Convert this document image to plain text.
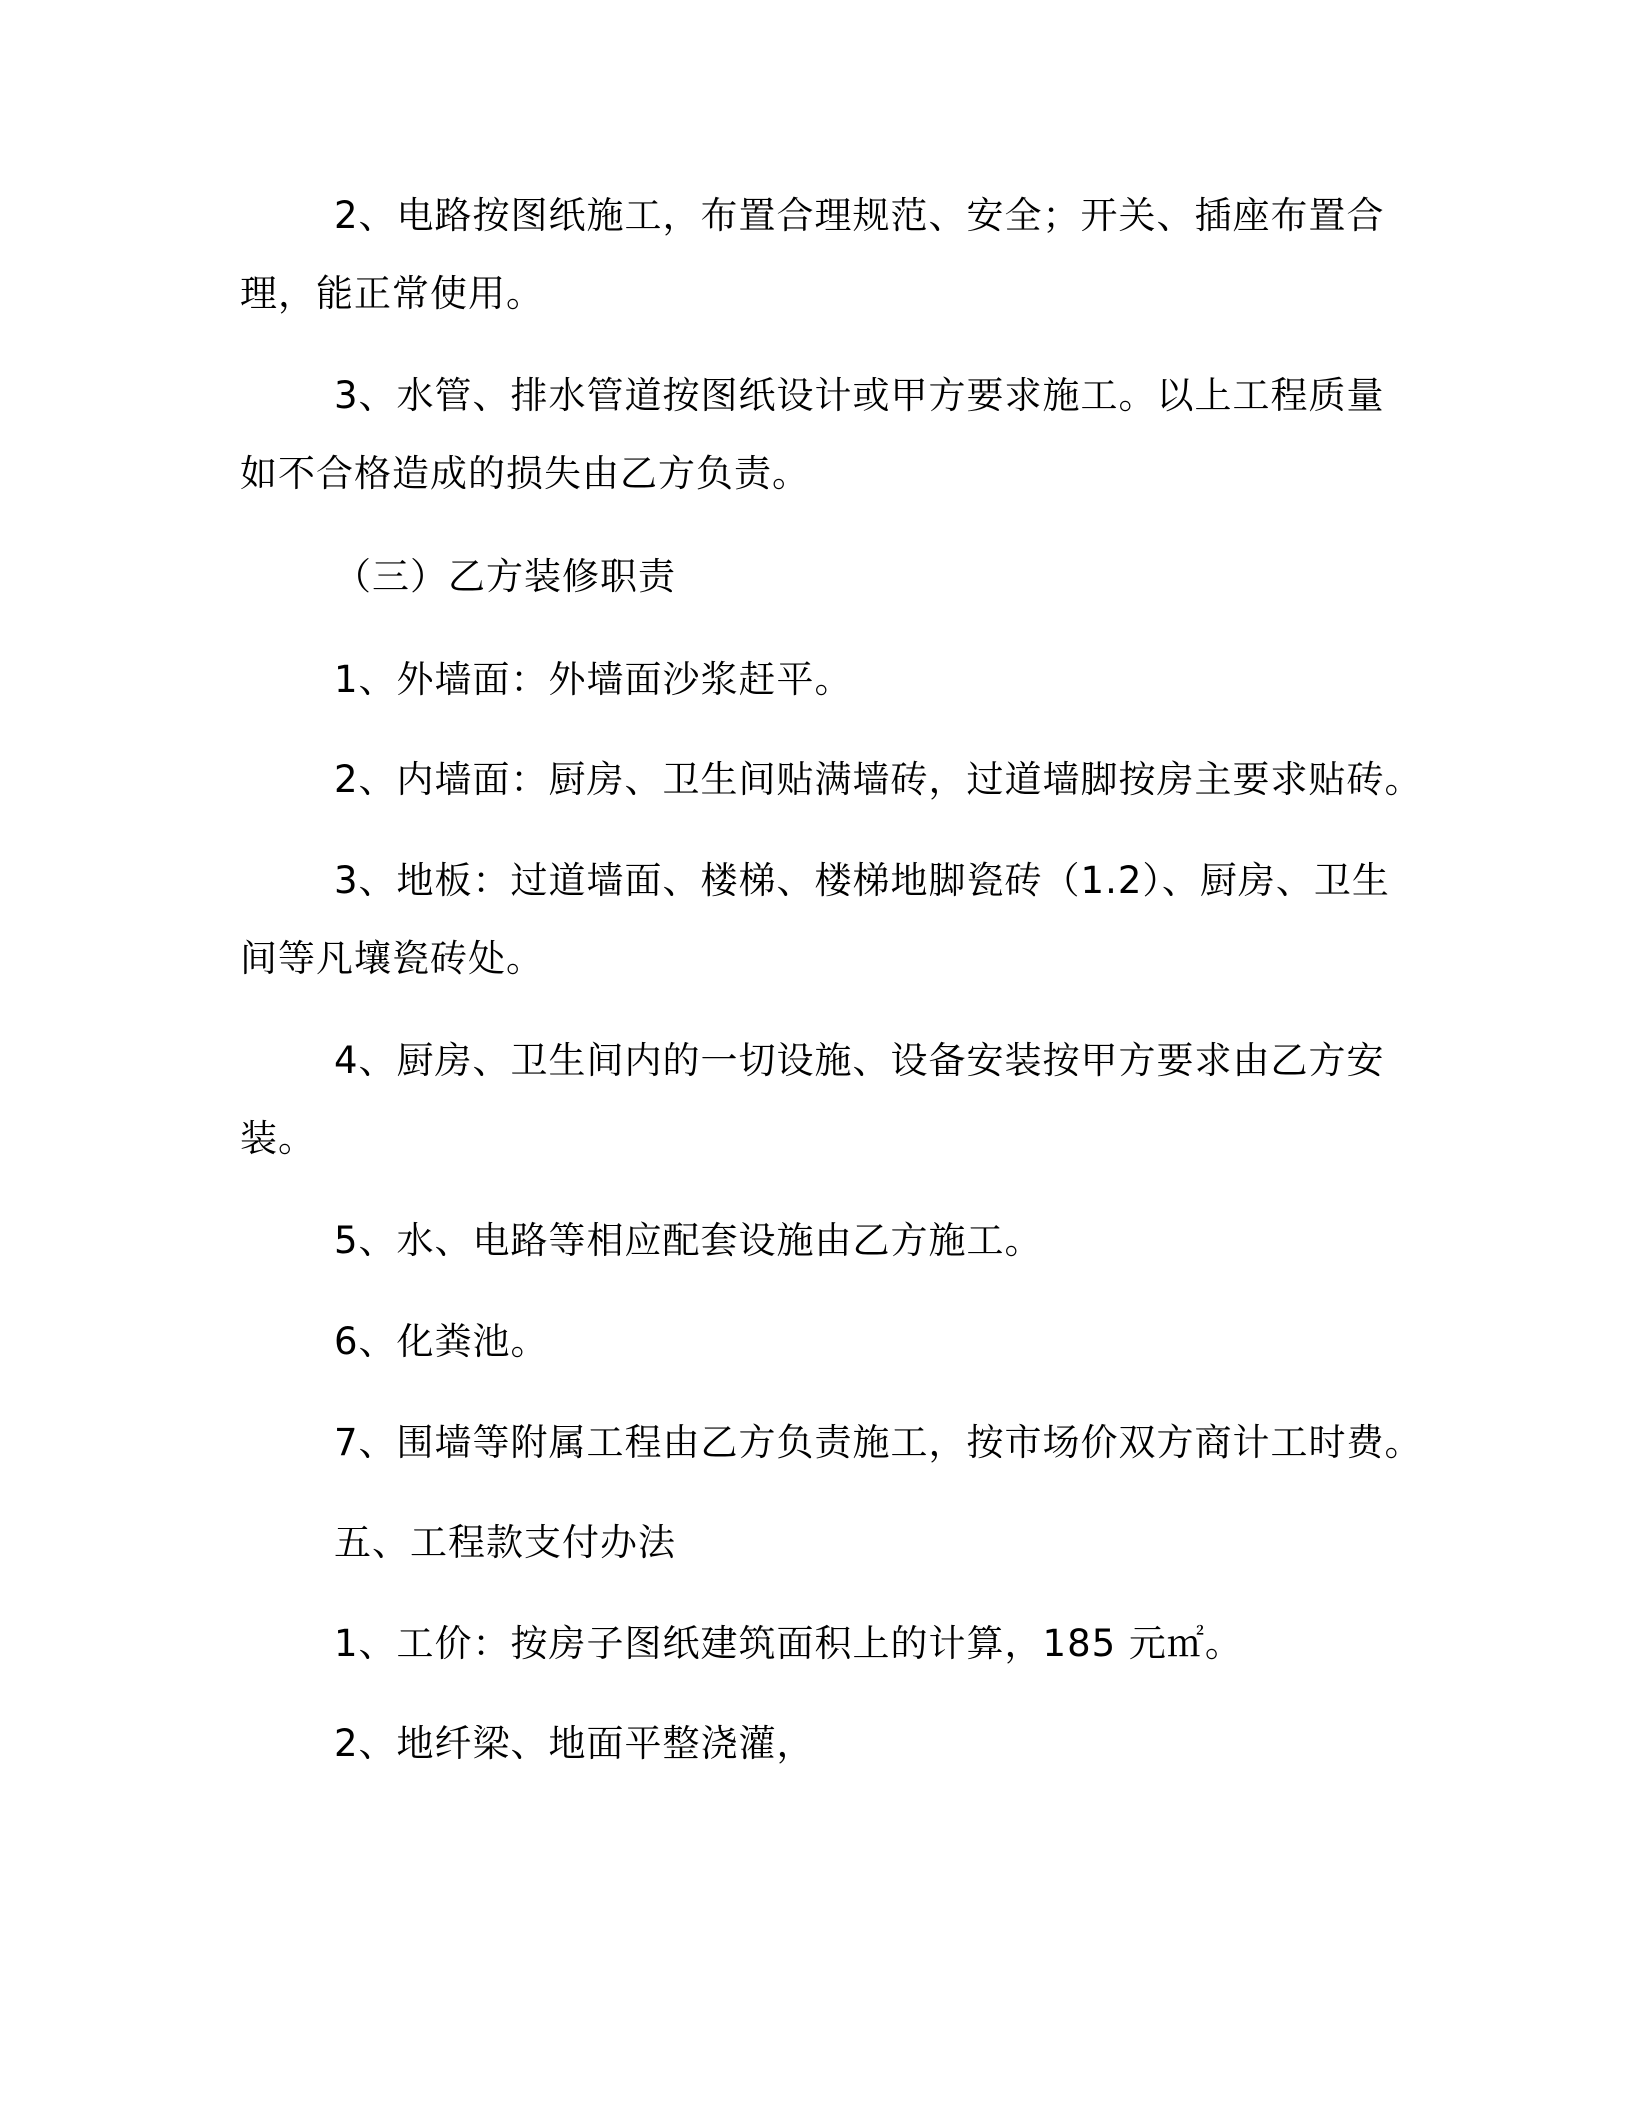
2、电路按图纸施工，布置合理规范、安全；开关、插座布置合理，能正常使用。

3、水管、排水管道按图纸设计或甲方要求施工。以上工程质量如不合格造成的损失由乙方负责。

（三）乙方装修职责

1、外墙面：外墙面沙浆赶平。

2、内墙面：厨房、卫生间贴满墙砖，过道墙脚按房主要求贴砖。

3、地板：过道墙面、楼梯、楼梯地脚瓷砖（1.2）、厨房、卫生间等凡壤瓷砖处。

4、厨房、卫生间内的一切设施、设备安装按甲方要求由乙方安装。

5、水、电路等相应配套设施由乙方施工。

6、化粪池。

7、围墙等附属工程由乙方负责施工，按市场价双方商计工时费。

五、工程款支付办法

1、工价：按房子图纸建筑面积上的计算，185 元㎡。

2、地纤梁、地面平整浇灌，
